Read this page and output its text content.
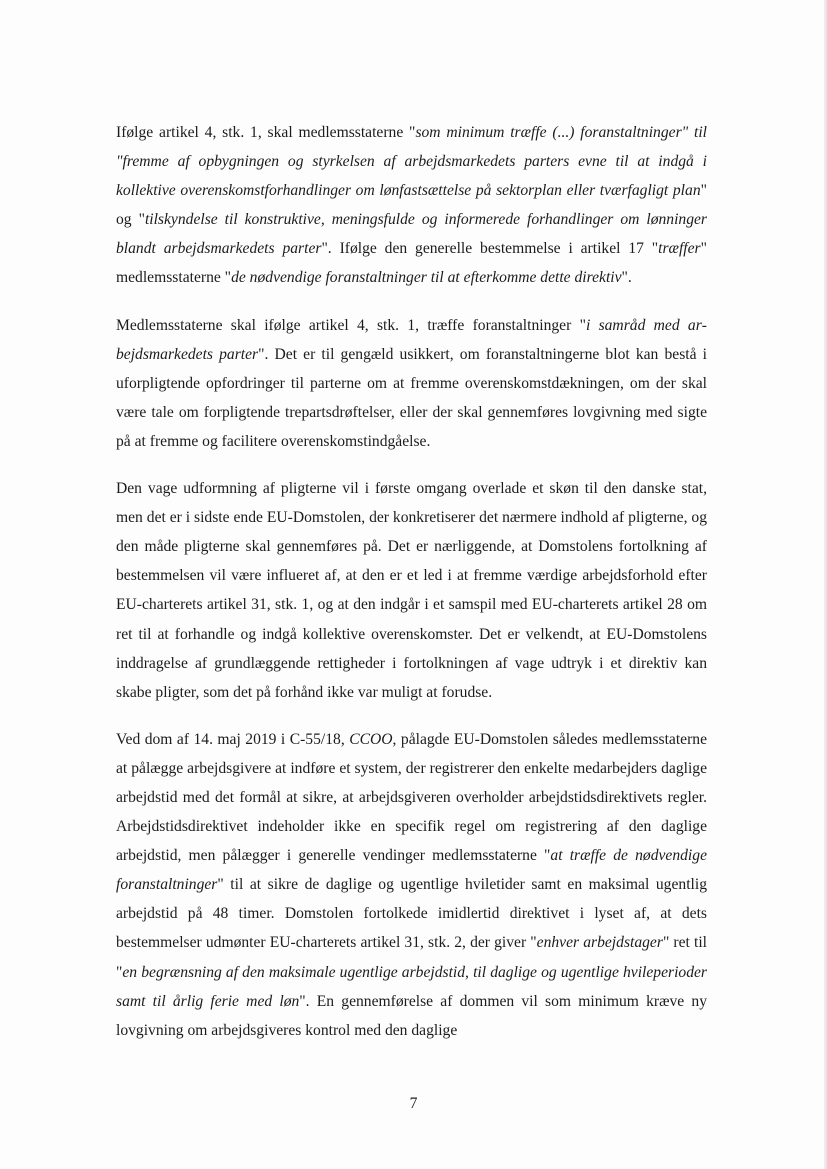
Ifølge artikel 4, stk. 1, skal medlemsstaterne "som minimum træffe (...) foranstaltninger" til "fremme af opbygningen og styrkelsen af arbejdsmarkedets parters evne til at indgå i kollektive overenskomstforhandlinger om lønfastsættelse på sektorplan eller tværfagligt plan" og "tilskyndelse til konstruktive, meningsfulde og informerede forhandlinger om lønninger blandt arbejdsmarkedets parter". Ifølge den generelle bestemmelse i artikel 17 "træffer" medlemsstaterne "de nødvendige foranstaltninger til at efterkomme dette direktiv".

Medlemsstaterne skal ifølge artikel 4, stk. 1, træffe foranstaltninger "i samråd med arbejdsmarkedets parter". Det er til gengæld usikkert, om foranstaltningerne blot kan bestå i uforpligtende opfordringer til parterne om at fremme overenskomstdækningen, om der skal være tale om forpligtende trepartsdrøftelser, eller der skal gennemføres lovgivning med sigte på at fremme og facilitere overenskomstindgåelse.

Den vage udformning af pligterne vil i første omgang overlade et skøn til den danske stat, men det er i sidste ende EU-Domstolen, der konkretiserer det nærmere indhold af pligterne, og den måde pligterne skal gennemføres på. Det er nærliggende, at Domstolens fortolkning af bestemmelsen vil være influeret af, at den er et led i at fremme værdige arbejdsforhold efter EU-charterets artikel 31, stk. 1, og at den indgår i et samspil med EU-charterets artikel 28 om ret til at forhandle og indgå kollektive overenskomster. Det er velkendt, at EU-Domstolens inddragelse af grundlæggende rettigheder i fortolkningen af vage udtryk i et direktiv kan skabe pligter, som det på forhånd ikke var muligt at forudse.

Ved dom af 14. maj 2019 i C-55/18, CCOO, pålagde EU-Domstolen således medlemsstaterne at pålægge arbejdsgivere at indføre et system, der registrerer den enkelte medarbejders daglige arbejdstid med det formål at sikre, at arbejdsgiveren overholder arbejdstidsdirektivets regler. Arbejdstidsdirektivet indeholder ikke en specifik regel om registrering af den daglige arbejdstid, men pålægger i generelle vendinger medlemsstaterne "at træffe de nødvendige foranstaltninger" til at sikre de daglige og ugentlige hviletider samt en maksimal ugentlig arbejdstid på 48 timer. Domstolen fortolkede imidlertid direktivet i lyset af, at dets bestemmelser udmønter EU-charterets artikel 31, stk. 2, der giver "enhver arbejdstager" ret til "en begrænsning af den maksimale ugentlige arbejdstid, til daglige og ugentlige hvileperioder samt til årlig ferie med løn". En gennemførelse af dommen vil som minimum kræve ny lovgivning om arbejdsgiveres kontrol med den daglige

7
